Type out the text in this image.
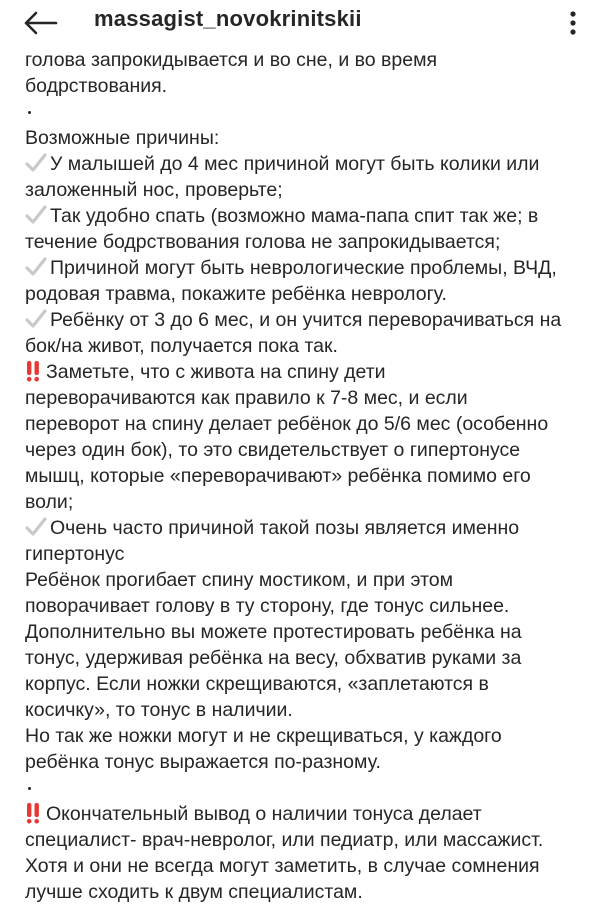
massagist_novokrinitskii
голова запрокидывается и во сне, и во время
бодрствования.
Возможные причины:
У малышей до 4 мес причиной могут быть колики или
заложенный нос, проверьте;
Так удобно спать (возможно мама-папа спит так же; в
течение бодрствования голова не запрокидывается;
Причиной могут быть неврологические проблемы, ВЧД,
родовая травма, покажите ребёнка неврологу.
Ребёнку от 3 до 6 мес, и он учится переворачиваться на
бок/на живот, получается пока так.
Заметьте, что с живота на спину дети
переворачиваются как правило к 7-8 мес, и если
переворот на спину делает ребёнок до 5/6 мес (особенно
через один бок), то это свидетельствует о гипертонусе
мышц, которые «переворачивают» ребёнка помимо его
воли;
Очень часто причиной такой позы является именно
гипертонус
Ребёнок прогибает спину мостиком, и при этом
поворачивает голову в ту сторону, где тонус сильнее.
Дополнительно вы можете протестировать ребёнка на
тонус, удерживая ребёнка на весу, обхватив руками за
корпус. Если ножки скрещиваются, «заплетаются в
косичку», то тонус в наличии.
Но так же ножки могут и не скрещиваться, у каждого
ребёнка тонус выражается по-разному.
Окончательный вывод о наличии тонуса делает
специалист- врач-невролог, или педиатр, или массажист.
Хотя и они не всегда могут заметить, в случае сомнения
лучше сходить к двум специалистам.
